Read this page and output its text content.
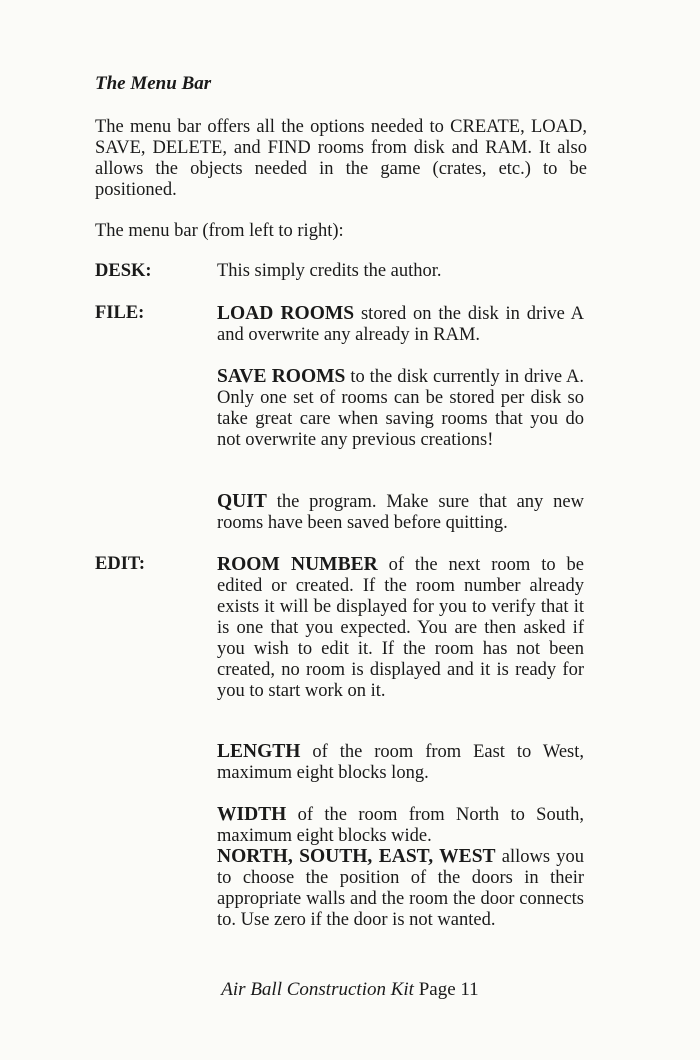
The Menu Bar

The menu bar offers all the options needed to CREATE, LOAD, SAVE, DELETE, and FIND rooms from disk and RAM. It also allows the objects needed in the game (crates, etc.) to be positioned.

The menu bar (from left to right):

DESK:	This simply credits the author.

FILE:	LOAD ROOMS stored on the disk in drive A and overwrite any already in RAM.

SAVE ROOMS to the disk currently in drive A. Only one set of rooms can be stored per disk so take great care when saving rooms that you do not overwrite any previous creations!

QUIT the program. Make sure that any new rooms have been saved before quitting.

EDIT:	ROOM NUMBER of the next room to be edited or created. If the room number already exists it will be displayed for you to verify that it is one that you expected. You are then asked if you wish to edit it. If the room has not been created, no room is displayed and it is ready for you to start work on it.

LENGTH of the room from East to West, maximum eight blocks long.

WIDTH of the room from North to South, maximum eight blocks wide.

NORTH, SOUTH, EAST, WEST allows you to choose the position of the doors in their appropriate walls and the room the door connects to. Use zero if the door is not wanted.

Air Ball Construction Kit Page 11
